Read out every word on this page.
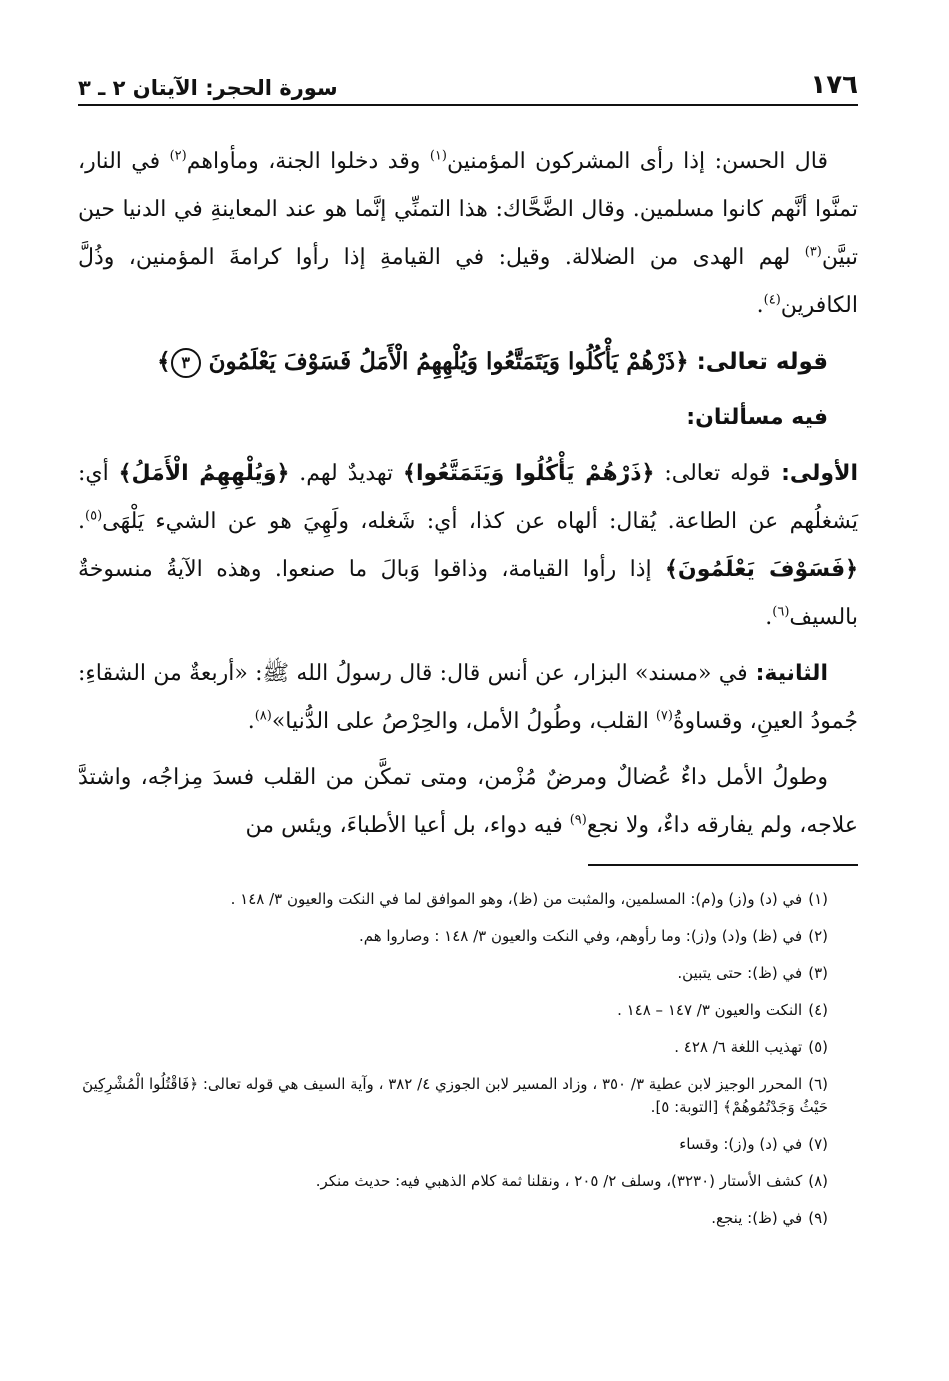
١٧٦
سورة الحجر: الآيتان ٢ ـ ٣

قال الحسن: إذا رأى المشركون المؤمنين$^{(١)}$ وقد دخلوا الجنة، ومأواهم$^{(٢)}$ في النار، تمنَّوا أنَّهم كانوا مسلمين. وقال الضَّحَّاك: هذا التمنِّي إنَّما هو عند المعاينةِ في الدنيا حين تبيَّن$^{(٣)}$ لهم الهدى من الضلالة. وقيل: في القيامةِ إذا رأوا كرامةَ المؤمنين، وذُلَّ الكافرين$^{(٤)}$.

قوله تعالى: ﴿ذَرْهُمْ يَأْكُلُوا وَيَتَمَتَّعُوا وَيُلْهِهِمُ الْأَمَلُ فَسَوْفَ يَعْلَمُونَ ٣﴾

فيه مسألتان:

الأولى: قوله تعالى: ﴿ذَرْهُمْ يَأْكُلُوا وَيَتَمَتَّعُوا﴾ تهديدٌ لهم. ﴿وَيُلْهِهِمُ الْأَمَلُ﴾ أي: يَشغلُهم عن الطاعة. يُقال: ألهاه عن كذا، أي: شَغله، ولَهِيَ هو عن الشيء يَلْهَى$^{(٥)}$. ﴿فَسَوْفَ يَعْلَمُونَ﴾ إذا رأوا القيامة، وذاقوا وَبالَ ما صنعوا. وهذه الآيةُ منسوخةٌ بالسيف$^{(٦)}$.

الثانية: في «مسند» البزار، عن أنس قال: قال رسولُ الله ﷺ: «أربعةٌ من الشقاءِ: جُمودُ العينِ، وقساوةُ$^{(٧)}$ القلب، وطُولُ الأمل، والحِرْصُ على الدُّنيا»$^{(٨)}$.

وطولُ الأمل داءٌ عُضالٌ ومرضٌ مُزْمن، ومتى تمكَّن من القلب فسدَ مِزاجُه، واشتدَّ علاجه، ولم يفارقه داءٌ، ولا نجع$^{(٩)}$ فيه دواء، بل أعيا الأطباءَ، ويئس من

(١)في (د) و(ز) و(م): المسلمين، والمثبت من (ظ)، وهو الموافق لما في النكت والعيون ٣/ ١٤٨ .

(٢)في (ظ) و(د) و(ز): وما رأوهم، وفي النكت والعيون ٣/ ١٤٨ : وصاروا هم.

(٣)في (ظ): حتى يتبين.

(٤)النكت والعيون ٣/ ١٤٧ – ١٤٨ .

(٥)تهذيب اللغة ٦/ ٤٢٨ .

(٦)المحرر الوجيز لابن عطية ٣/ ٣٥٠ ، وزاد المسير لابن الجوزي ٤/ ٣٨٢ ، وآية السيف هي قوله تعالى: ﴿فَاقْتُلُوا الْمُشْرِكِينَ حَيْثُ وَجَدْتُمُوهُمْ﴾ [التوبة: ٥].

(٧)في (د) و(ز): وقساء

(٨)كشف الأستار (٣٢٣٠)، وسلف ٢/ ٢٠٥ ، ونقلنا ثمة كلام الذهبي فيه: حديث منكر.

(٩)في (ظ): ينجع.
